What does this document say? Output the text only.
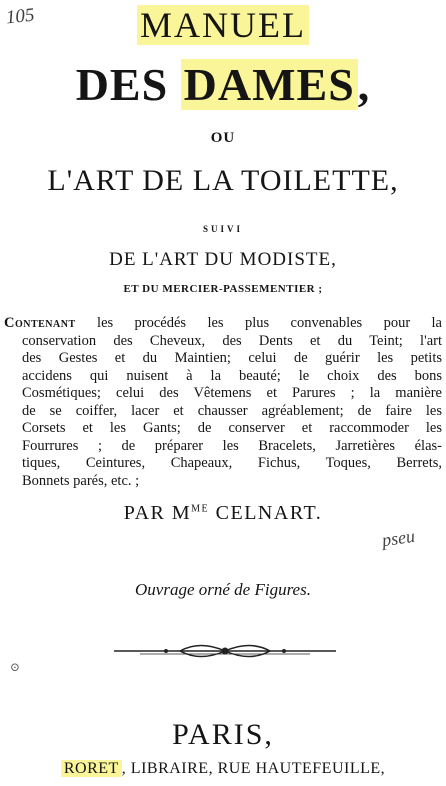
105	MANUEL
DES DAMES,
OU
L'ART DE LA TOILETTE,
SUIVI
DE L'ART DU MODISTE,
ET DU MERCIER-PASSEMENTIER ;
Contenant les procédés les plus convenables pour la
conservation des Cheveux, des Dents et du Teint; l'art
des Gestes et du Maintien; celui de guérir les petits
accidens qui nuisent à la beauté; le choix des bons
Cosmétiques; celui des Vêtemens et Parures ; la manière
de se coiffer, lacer et chausser agréablement; de faire les
Corsets et les Gants; de conserver et raccommoder les
Fourrures ; de préparer les Bracelets, Jarretières élas-
tiques, Ceintures, Chapeaux, Fichus, Toques, Berrets,
Bonnets parés, etc. ;
PAR $M^{ME}$ CELNART.
pseu
Ouvrage orné de Figures.
⊙
PARIS,
RORET , LIBRAIRE, RUE HAUTEFEUILLE,
